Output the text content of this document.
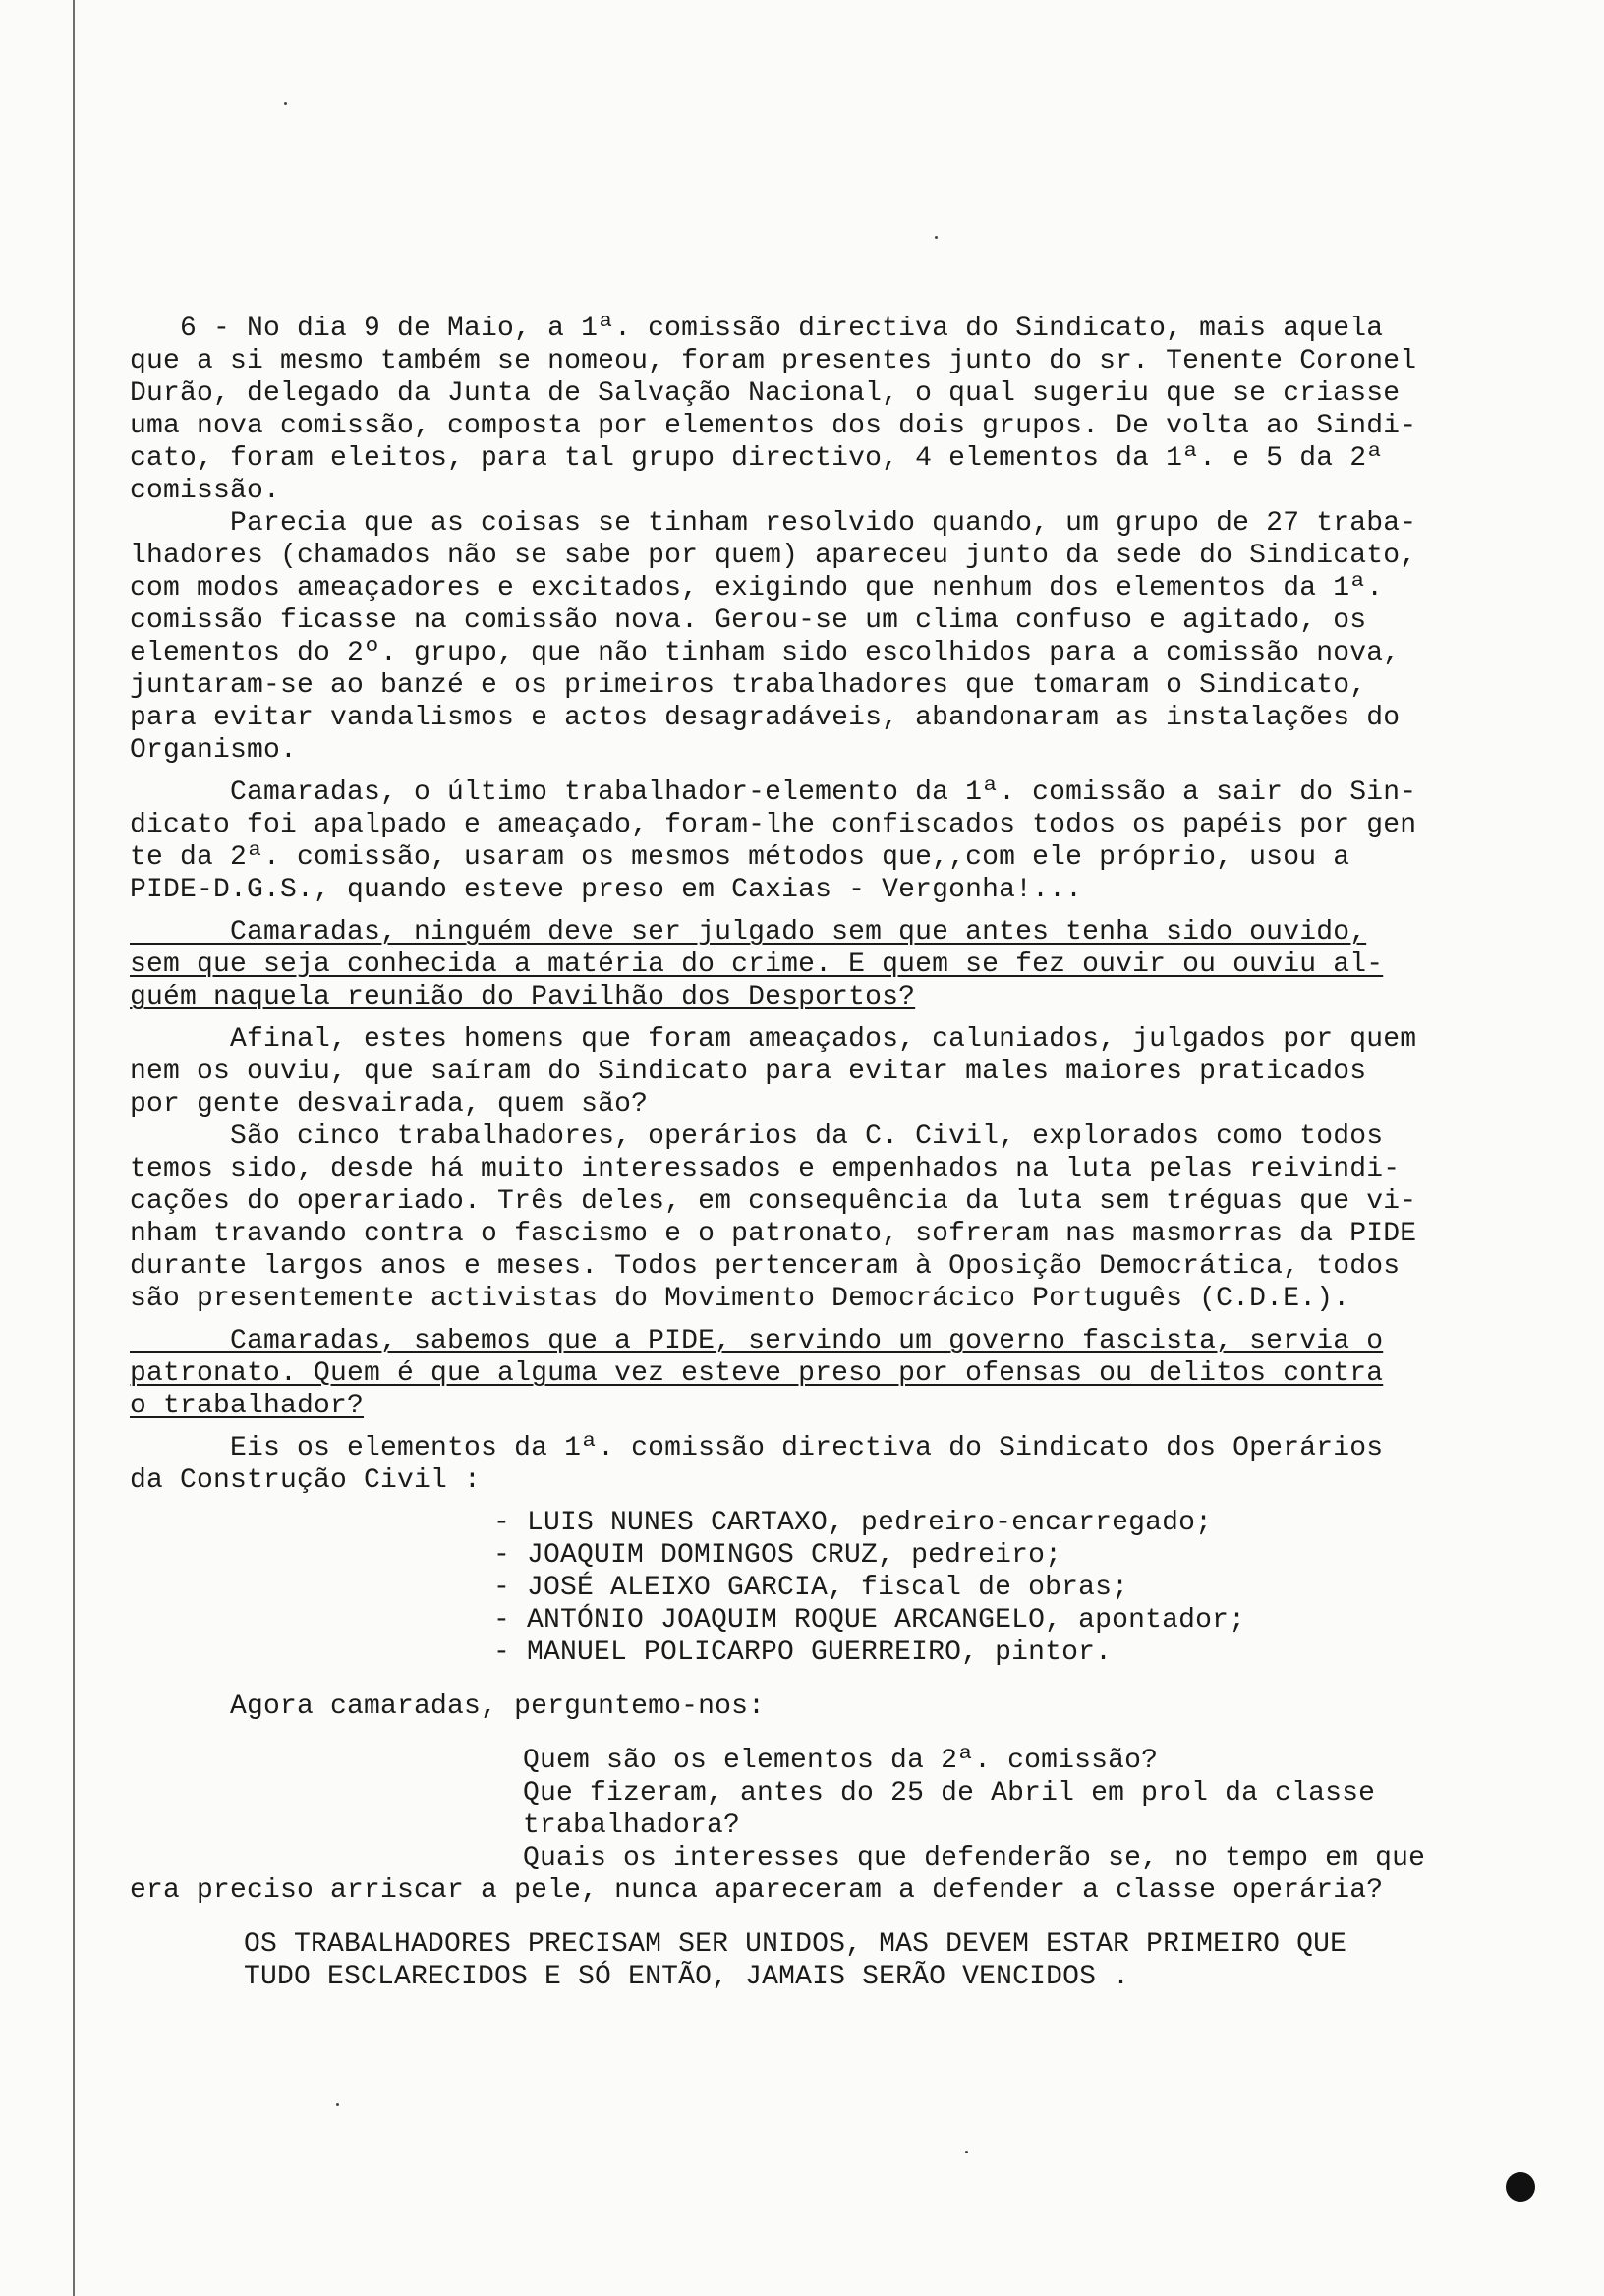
6 - No dia 9 de Maio, a 1ª. comissão directiva do Sindicato, mais aquela

que a si mesmo também se nomeou, foram presentes junto do sr. Tenente Coronel

Durão, delegado da Junta de Salvação Nacional, o qual sugeriu que se criasse

uma nova comissão, composta por elementos dos dois grupos. De volta ao Sindi-

cato, foram eleitos, para tal grupo directivo, 4 elementos da 1ª. e 5 da 2ª

comissão.

Parecia que as coisas se tinham resolvido quando, um grupo de 27 traba-

lhadores (chamados não se sabe por quem) apareceu junto da sede do Sindicato,

com modos ameaçadores e excitados, exigindo que nenhum dos elementos da 1ª.

comissão ficasse na comissão nova. Gerou-se um clima confuso e agitado, os

elementos do 2º. grupo, que não tinham sido escolhidos para a comissão nova,

juntaram-se ao banzé e os primeiros trabalhadores que tomaram o Sindicato,

para evitar vandalismos e actos desagradáveis, abandonaram as instalações do

Organismo.

Camaradas, o último trabalhador-elemento da 1ª. comissão a sair do Sin-

dicato foi apalpado e ameaçado, foram-lhe confiscados todos os papéis por gen

te da 2ª. comissão, usaram os mesmos métodos que,,com ele próprio, usou a

PIDE-D.G.S., quando esteve preso em Caxias - Vergonha!...

Camaradas, ninguém deve ser julgado sem que antes tenha sido ouvido,

sem que seja conhecida a matéria do crime. E quem se fez ouvir ou ouviu al-

guém naquela reunião do Pavilhão dos Desportos?

Afinal, estes homens que foram ameaçados, caluniados, julgados por quem

nem os ouviu, que saíram do Sindicato para evitar males maiores praticados

por gente desvairada, quem são?

São cinco trabalhadores, operários da C. Civil, explorados como todos

temos sido, desde há muito interessados e empenhados na luta pelas reivindi-

cações do operariado. Três deles, em consequência da luta sem tréguas que vi-

nham travando contra o fascismo e o patronato, sofreram nas masmorras da PIDE

durante largos anos e meses. Todos pertenceram à Oposição Democrática, todos

são presentemente activistas do Movimento Democrácico Português (C.D.E.).

Camaradas, sabemos que a PIDE, servindo um governo fascista, servia o

patronato. Quem é que alguma vez esteve preso por ofensas ou delitos contra

o trabalhador?

Eis os elementos da 1ª. comissão directiva do Sindicato dos Operários

da Construção Civil :

- LUIS NUNES CARTAXO, pedreiro-encarregado;

- JOAQUIM DOMINGOS CRUZ, pedreiro;

- JOSÉ ALEIXO GARCIA, fiscal de obras;

- ANTÓNIO JOAQUIM ROQUE ARCANGELO, apontador;

- MANUEL POLICARPO GUERREIRO, pintor.

Agora camaradas, perguntemo-nos:

Quem são os elementos da 2ª. comissão?

Que fizeram, antes do 25 de Abril em prol da classe

trabalhadora?

Quais os interesses que defenderão se, no tempo em que

era preciso arriscar a pele, nunca apareceram a defender a classe operária?

OS TRABALHADORES PRECISAM SER UNIDOS, MAS DEVEM ESTAR PRIMEIRO QUE

TUDO ESCLARECIDOS E SÓ ENTÃO, JAMAIS SERÃO VENCIDOS .
